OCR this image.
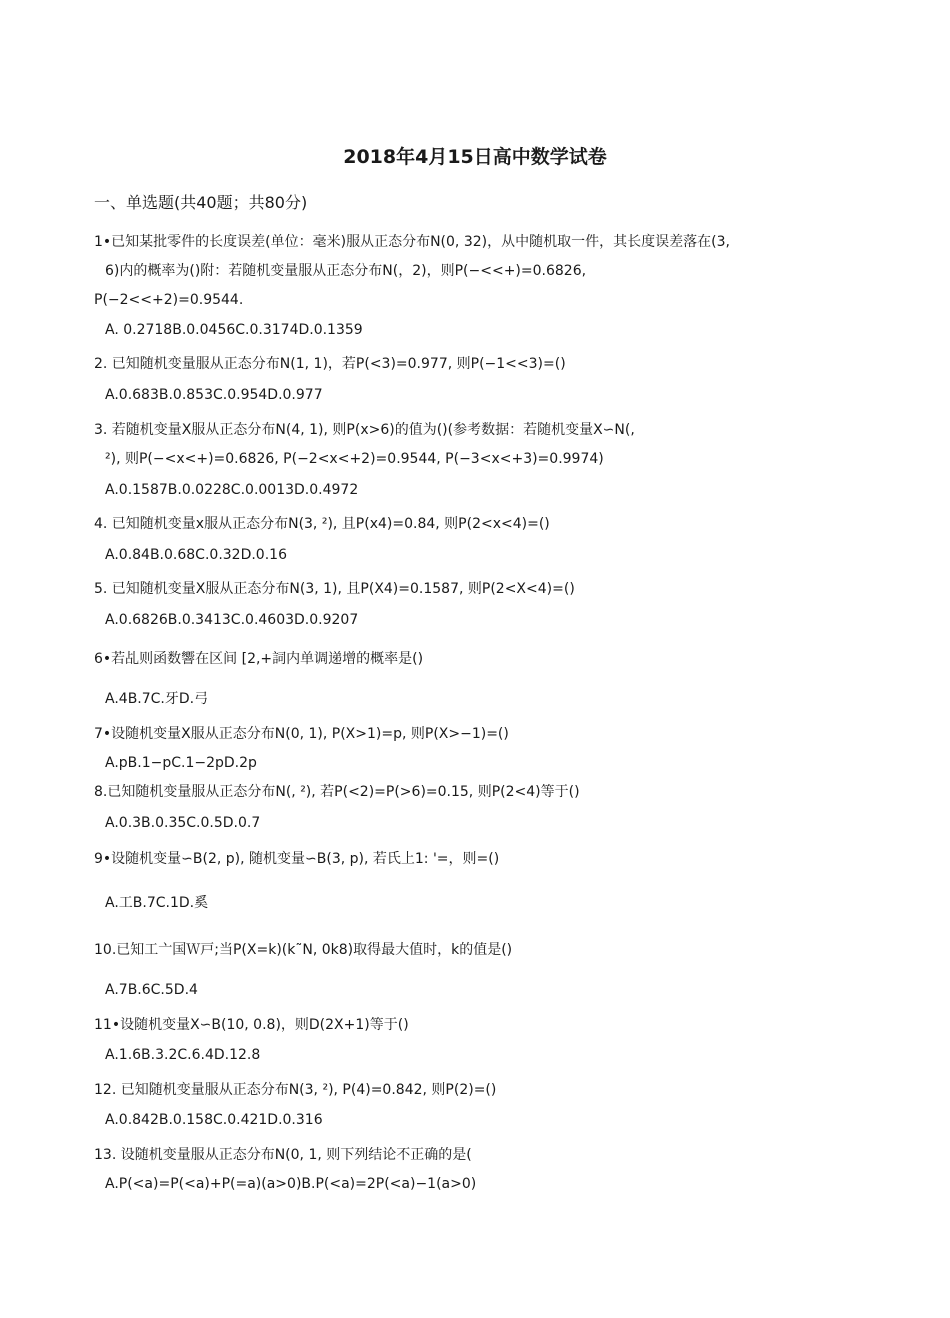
2018年4月15日高中数学试卷
一、单选题(共40题；共80分)
1•已知某批零件的长度误差(单位：毫米)服从正态分布N(0, 32)，从中随机取一件，其长度误差落在(3,
6)内的概率为()附：若随机变量服从正态分布N(，2)，则P(−<<+)=0.6826,
P(−2<<+2)=0.9544.
A. 0.2718B.0.0456C.0.3174D.0.1359
2. 已知随机变量服从正态分布N(1, 1)，若P(<3)=0.977, 则P(−1<<3)=()
A.0.683B.0.853C.0.954D.0.977
3. 若随机变量X服从正态分布N(4, 1), 则P(x>6)的值为()(参考数据：若随机变量X∽N(,
²), 则P(−<x<+)=0.6826, P(−2<x<+2)=0.9544, P(−3<x<+3)=0.9974)
A.0.1587B.0.0228C.0.0013D.0.4972
4. 已知随机变量x服从正态分布N(3, ²), 且P(x4)=0.84, 则P(2<x<4)=()
A.0.84B.0.68C.0.32D.0.16
5. 已知随机变量X服从正态分布N(3, 1), 且P(X4)=0.1587, 则P(2<X<4)=()
A.0.6826B.0.3413C.0.4603D.0.9207
6•若乩则函数響在区间 [2,+詞内单调递增的概率是()
A.4B.7C.牙D.弓
7•设随机变量X服从正态分布N(0, 1), P(X>1)=p, 则P(X>−1)=()
A.pB.1−pC.1−2pD.2p
8.已知随机变量服从正态分布N(, ²), 若P(<2)=P(>6)=0.15, 则P(2<4)等于()
A.0.3B.0.35C.0.5D.0.7
9•设随机变量∽B(2, p), 随机变量∽B(3, p), 若氏上1: '=，则=()
A.工B.7C.1D.奚
10.已知工亠国Ｗ戸;当P(X=k)(k˜N, 0k8)取得最大值时，k的值是()
A.7B.6C.5D.4
11•设随机变量X∽B(10, 0.8)，则D(2X+1)等于()
A.1.6B.3.2C.6.4D.12.8
12. 已知随机变量服从正态分布N(3, ²), P(4)=0.842, 则P(2)=()
A.0.842B.0.158C.0.421D.0.316
13. 设随机变量服从正态分布N(0, 1, 则下列结论不正确的是(
A.P(<a)=P(<a)+P(=a)(a>0)B.P(<a)=2P(<a)−1(a>0)
